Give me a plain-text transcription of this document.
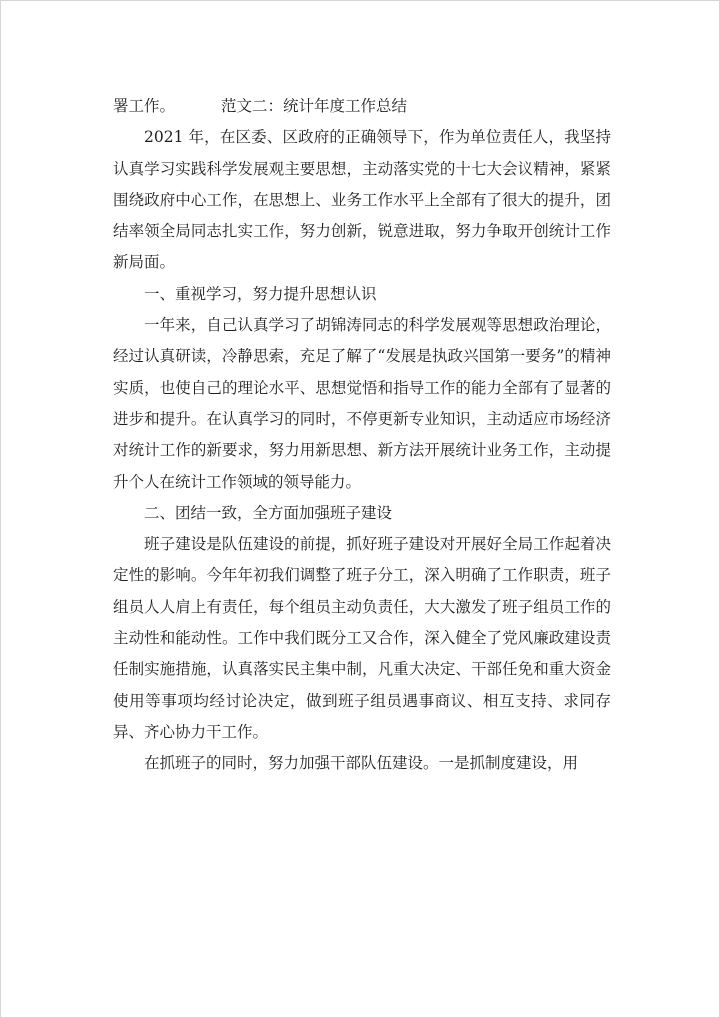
署工作。	范文二：统计年度工作总结

2021 年，在区委、区政府的正确领导下，作为单位责任人，我坚持认真学习实践科学发展观主要思想，主动落实党的十七大会议精神，紧紧围绕政府中心工作，在思想上、业务工作水平上全部有了很大的提升，团结率领全局同志扎实工作，努力创新，锐意进取，努力争取开创统计工作新局面。

一、重视学习，努力提升思想认识

一年来，自己认真学习了胡锦涛同志的科学发展观等思想政治理论，经过认真研读，冷静思索，充足了解了“发展是执政兴国第一要务”的精神实质，也使自己的理论水平、思想觉悟和指导工作的能力全部有了显著的进步和提升。在认真学习的同时，不停更新专业知识，主动适应市场经济对统计工作的新要求，努力用新思想、新方法开展统计业务工作，主动提升个人在统计工作领域的领导能力。

二、团结一致，全方面加强班子建设

班子建设是队伍建设的前提，抓好班子建设对开展好全局工作起着决定性的影响。今年年初我们调整了班子分工，深入明确了工作职责，班子组员人人肩上有责任，每个组员主动负责任，大大激发了班子组员工作的主动性和能动性。工作中我们既分工又合作，深入健全了党风廉政建设责任制实施措施，认真落实民主集中制，凡重大决定、干部任免和重大资金使用等事项均经讨论决定，做到班子组员遇事商议、相互支持、求同存异、齐心协力干工作。

在抓班子的同时，努力加强干部队伍建设。一是抓制度建设，用
